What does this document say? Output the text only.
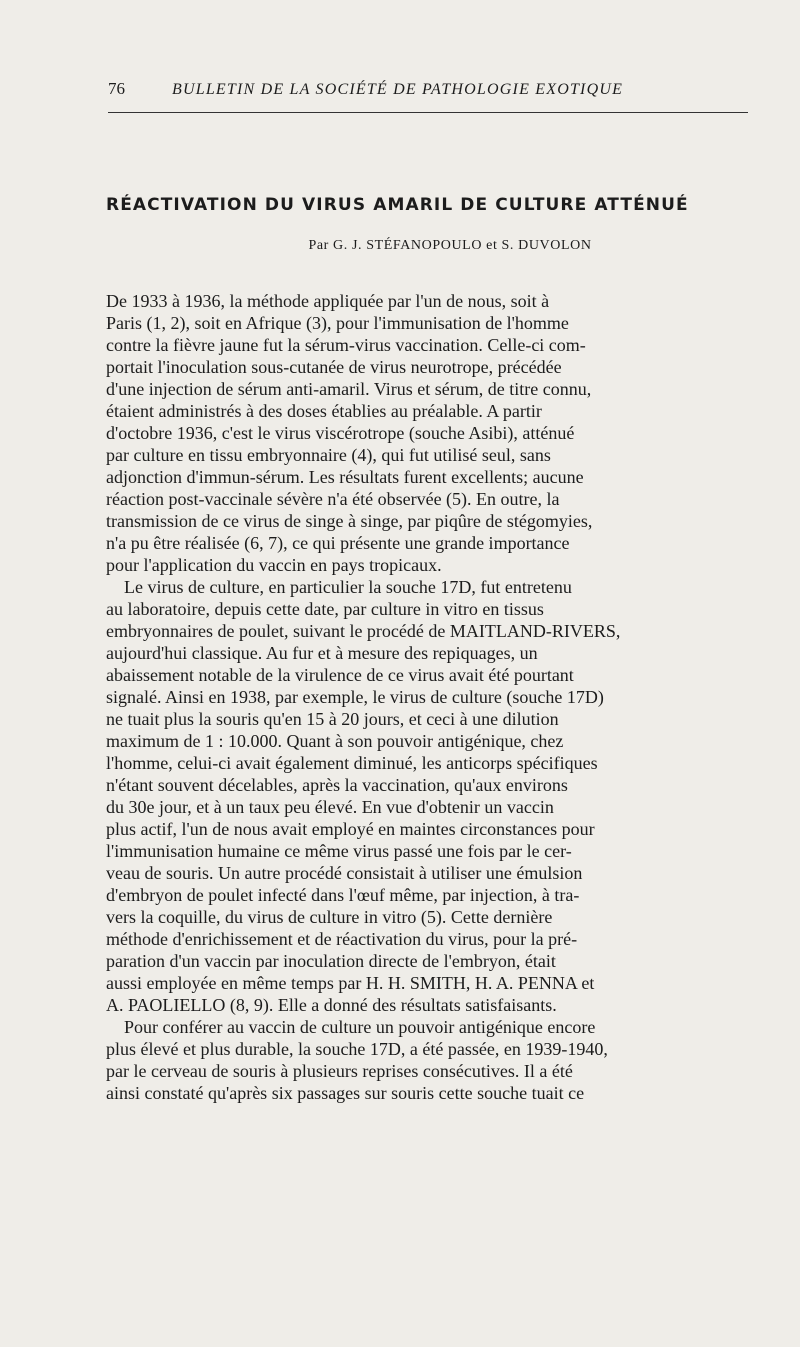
76	BULLETIN DE LA SOCIÉTÉ DE PATHOLOGIE EXOTIQUE
RÉACTIVATION DU VIRUS AMARIL DE CULTURE ATTÉNUÉ
Par G. J. STÉFANOPOULO et S. DUVOLON
De 1933 à 1936, la méthode appliquée par l'un de nous, soit à
Paris (1, 2), soit en Afrique (3), pour l'immunisation de l'homme
contre la fièvre jaune fut la sérum-virus vaccination. Celle-ci com-
portait l'inoculation sous-cutanée de virus neurotrope, précédée
d'une injection de sérum anti-amaril. Virus et sérum, de titre connu,
étaient administrés à des doses établies au préalable. A partir
d'octobre 1936, c'est le virus viscérotrope (souche Asibi), atténué
par culture en tissu embryonnaire (4), qui fut utilisé seul, sans
adjonction d'immun-sérum. Les résultats furent excellents; aucune
réaction post-vaccinale sévère n'a été observée (5). En outre, la
transmission de ce virus de singe à singe, par piqûre de stégomyies,
n'a pu être réalisée (6, 7), ce qui présente une grande importance
pour l'application du vaccin en pays tropicaux.
Le virus de culture, en particulier la souche 17D, fut entretenu
au laboratoire, depuis cette date, par culture in vitro en tissus
embryonnaires de poulet, suivant le procédé de MAITLAND-RIVERS,
aujourd'hui classique. Au fur et à mesure des repiquages, un
abaissement notable de la virulence de ce virus avait été pourtant
signalé. Ainsi en 1938, par exemple, le virus de culture (souche 17D)
ne tuait plus la souris qu'en 15 à 20 jours, et ceci à une dilution
maximum de 1 : 10.000. Quant à son pouvoir antigénique, chez
l'homme, celui-ci avait également diminué, les anticorps spécifiques
n'étant souvent décelables, après la vaccination, qu'aux environs
du 30e jour, et à un taux peu élevé. En vue d'obtenir un vaccin
plus actif, l'un de nous avait employé en maintes circonstances pour
l'immunisation humaine ce même virus passé une fois par le cer-
veau de souris. Un autre procédé consistait à utiliser une émulsion
d'embryon de poulet infecté dans l'œuf même, par injection, à tra-
vers la coquille, du virus de culture in vitro (5). Cette dernière
méthode d'enrichissement et de réactivation du virus, pour la pré-
paration d'un vaccin par inoculation directe de l'embryon, était
aussi employée en même temps par H. H. SMITH, H. A. PENNA et
A. PAOLIELLO (8, 9). Elle a donné des résultats satisfaisants.
Pour conférer au vaccin de culture un pouvoir antigénique encore
plus élevé et plus durable, la souche 17D, a été passée, en 1939-1940,
par le cerveau de souris à plusieurs reprises consécutives. Il a été
ainsi constaté qu'après six passages sur souris cette souche tuait ce
